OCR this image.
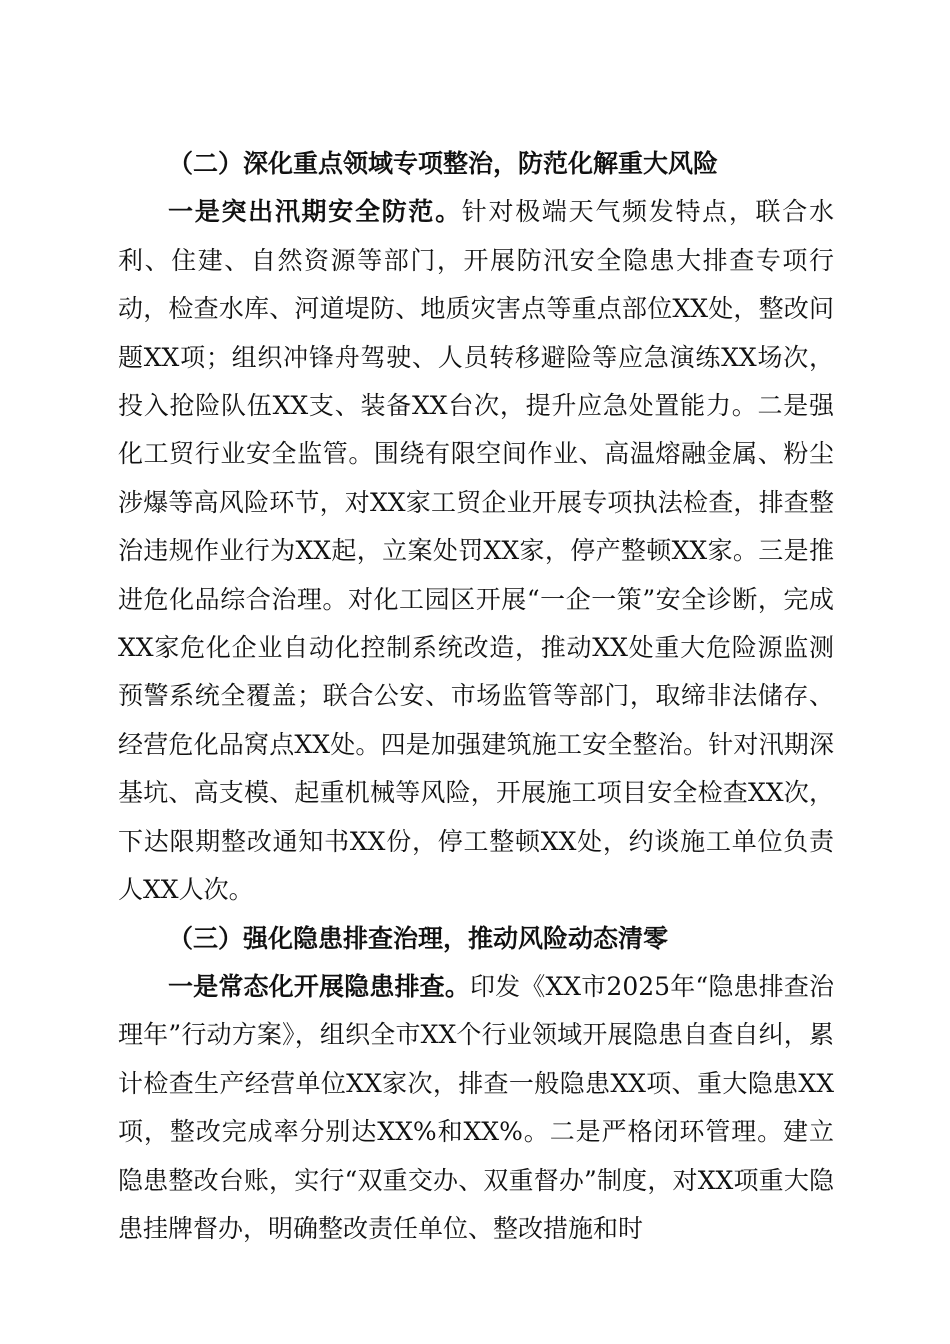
（二）深化重点领域专项整治，防范化解重大风险

一是突出汛期安全防范。针对极端天气频发特点，联合水利、住建、自然资源等部门，开展防汛安全隐患大排查专项行动，检查水库、河道堤防、地质灾害点等重点部位XX处，整改问题XX项；组织冲锋舟驾驶、人员转移避险等应急演练XX场次，投入抢险队伍XX支、装备XX台次，提升应急处置能力。二是强化工贸行业安全监管。围绕有限空间作业、高温熔融金属、粉尘涉爆等高风险环节，对XX家工贸企业开展专项执法检查，排查整治违规作业行为XX起，立案处罚XX家，停产整顿XX家。三是推进危化品综合治理。对化工园区开展“一企一策”安全诊断，完成XX家危化企业自动化控制系统改造，推动XX处重大危险源监测预警系统全覆盖；联合公安、市场监管等部门，取缔非法储存、经营危化品窝点XX处。四是加强建筑施工安全整治。针对汛期深基坑、高支模、起重机械等风险，开展施工项目安全检查XX次，下达限期整改通知书XX份，停工整顿XX处，约谈施工单位负责人XX人次。

（三）强化隐患排查治理，推动风险动态清零

一是常态化开展隐患排查。印发《XX市2025年“隐患排查治理年”行动方案》，组织全市XX个行业领域开展隐患自查自纠，累计检查生产经营单位XX家次，排查一般隐患XX项、重大隐患XX项，整改完成率分别达XX%和XX%。二是严格闭环管理。建立隐患整改台账，实行“双重交办、双重督办”制度，对XX项重大隐患挂牌督办，明确整改责任单位、整改措施和时
